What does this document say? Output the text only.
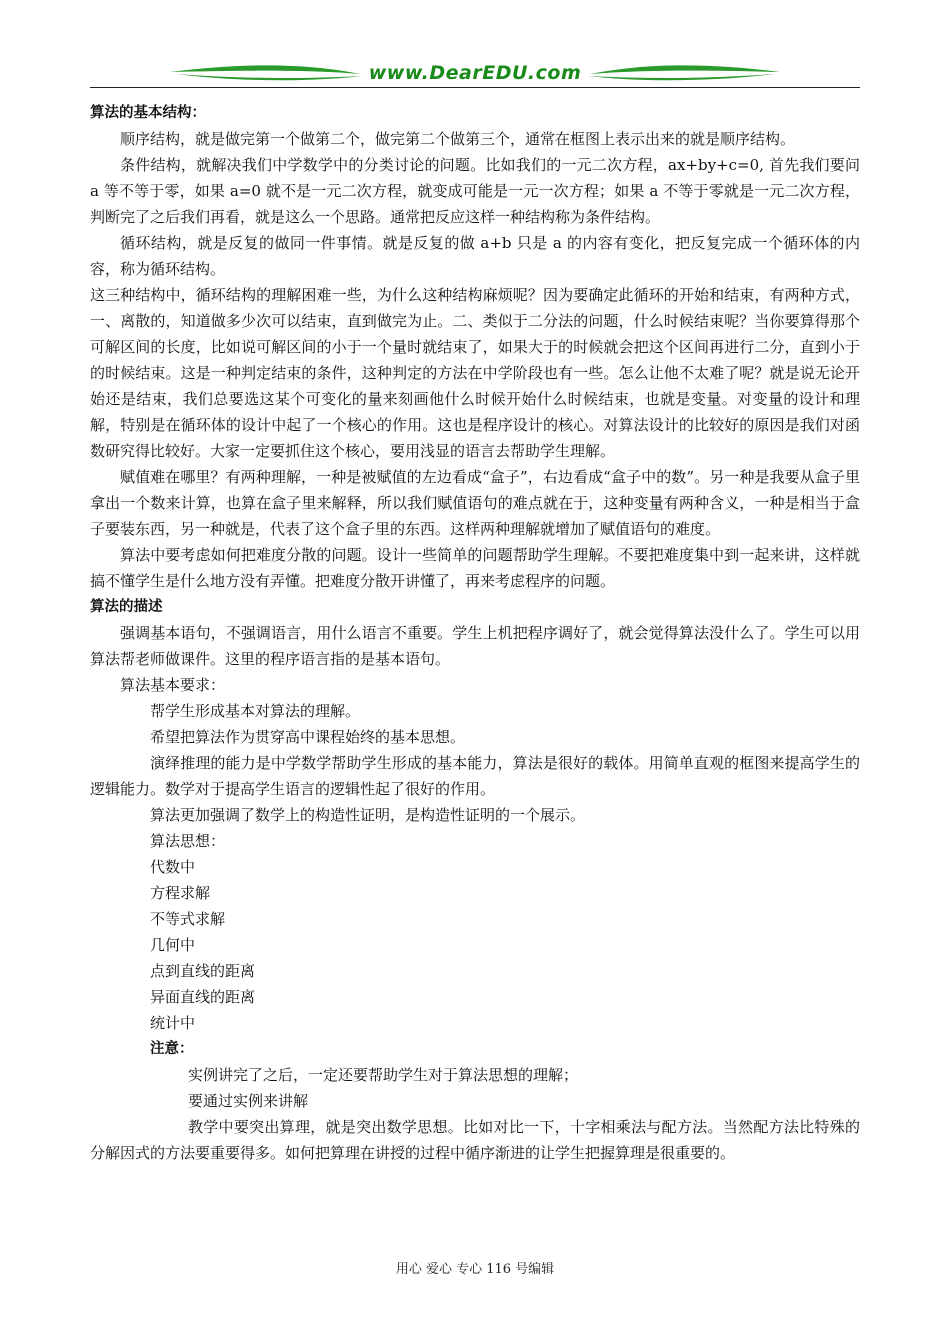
www.DearEDU.com

算法的基本结构：

顺序结构，就是做完第一个做第二个，做完第二个做第三个，通常在框图上表示出来的就是顺序结构。

条件结构，就解决我们中学数学中的分类讨论的问题。比如我们的一元二次方程，ax+by+c=0, 首先我们要问 a 等不等于零，如果 a=0 就不是一元二次方程，就变成可能是一元一次方程；如果 a 不等于零就是一元二次方程，判断完了之后我们再看，就是这么一个思路。通常把反应这样一种结构称为条件结构。

循环结构，就是反复的做同一件事情。就是反复的做 a+b 只是 a 的内容有变化，把反复完成一个循环体的内容，称为循环结构。

这三种结构中，循环结构的理解困难一些，为什么这种结构麻烦呢？因为要确定此循环的开始和结束，有两种方式，一、离散的，知道做多少次可以结束，直到做完为止。二、类似于二分法的问题，什么时候结束呢？当你要算得那个可解区间的长度，比如说可解区间的小于一个量时就结束了，如果大于的时候就会把这个区间再进行二分，直到小于的时候结束。这是一种判定结束的条件，这种判定的方法在中学阶段也有一些。怎么让他不太难了呢？就是说无论开始还是结束，我们总要选这某个可变化的量来刻画他什么时候开始什么时候结束，也就是变量。对变量的设计和理解，特别是在循环体的设计中起了一个核心的作用。这也是程序设计的核心。对算法设计的比较好的原因是我们对函数研究得比较好。大家一定要抓住这个核心，要用浅显的语言去帮助学生理解。

赋值难在哪里？有两种理解，一种是被赋值的左边看成“盒子”，右边看成“盒子中的数”。另一种是我要从盒子里拿出一个数来计算，也算在盒子里来解释，所以我们赋值语句的难点就在于，这种变量有两种含义，一种是相当于盒子要装东西，另一种就是，代表了这个盒子里的东西。这样两种理解就增加了赋值语句的难度。

算法中要考虑如何把难度分散的问题。设计一些简单的问题帮助学生理解。不要把难度集中到一起来讲，这样就搞不懂学生是什么地方没有弄懂。把难度分散开讲懂了，再来考虑程序的问题。

算法的描述

强调基本语句，不强调语言，用什么语言不重要。学生上机把程序调好了，就会觉得算法没什么了。学生可以用算法帮老师做课件。这里的程序语言指的是基本语句。

算法基本要求：

帮学生形成基本对算法的理解。

希望把算法作为贯穿高中课程始终的基本思想。

演绎推理的能力是中学数学帮助学生形成的基本能力，算法是很好的载体。用简单直观的框图来提高学生的逻辑能力。数学对于提高学生语言的逻辑性起了很好的作用。

算法更加强调了数学上的构造性证明，是构造性证明的一个展示。

算法思想：

代数中

方程求解

不等式求解

几何中

点到直线的距离

异面直线的距离

统计中

注意：

实例讲完了之后，一定还要帮助学生对于算法思想的理解；

要通过实例来讲解

教学中要突出算理，就是突出数学思想。比如对比一下，十字相乘法与配方法。当然配方法比特殊的分解因式的方法要重要得多。如何把算理在讲授的过程中循序渐进的让学生把握算理是很重要的。

用心 爱心 专心 116 号编辑
